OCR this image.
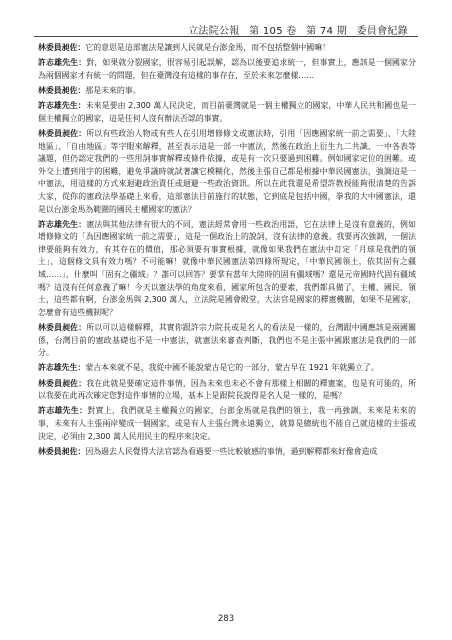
立法院公報 第 105 卷 第 74 期 委員會紀錄

林委員昶佐：它的意思是這部憲法是讓到人民就是台澎金馬，而不包括整個中國嘛！

許志雄先生：對，如果就分裂國家，很容易引起誤解，認為以後要追求統一，但事實上，應該是一個國家分為兩個國家才有統一的問題，但在臺灣沒有這樣的事存在，至於未來怎麼樣……

林委員昶佐：那是未來的事。

許志雄先生：未來是要由 2,300 萬人民決定，而目前臺灣就是一個主權獨立的國家，中華人民共和國也是一個主權獨立的國家，這是任何人沒有辦法否認的事實。

林委員昶佐：所以有些政治人物或有些人在引用增修條文或憲法時，引用「因應國家統一前之需要」、「大陸地區」、「自由地區」等字眼來解釋，甚至表示這是一部一中憲法，然後在政治上衍生九二共識、一中各表等議題，但仍認定我們的一些用詞事實解釋或條件依據，或是有一次只要過到困難。例如國家定位的困難。或外交上遭到用字的困難，避免爭議時就試著讓它模糊化，然後主張自己都是根據中華民國憲法，強調這是一中憲法，用這樣的方式來迴避政治責任或迴避一些政治資訊。所以在此我還是希望許教授能夠很清楚的告訴大家，從你的憲政法學基礎上來看，這部憲法目前施行的狀態，它到底是包括中國，拳我的大中國憲法，還是以台澎金馬為範圍的國民主權國家的憲法？

許志雄先生：憲法與其他法律有很大的不同，憲法經常會用一些政治用語，它在法律上是沒有意義的，例如增修條文的「為因應國家統一前之需要」，這是一個政治上的說詞，沒有法律的意義。我要再次強調，一個法律要能夠有效力，有其存在的價值，那必須要有事實根據，就像如果我們在憲法中訂定「月球是我們的領土」，這個條文具有效力嗎？不可能嘛！就像中華民國憲法第四條所規定，「中華民國領土，依其固有之疆域……」，什麼叫「固有之疆域」？誰可以回答？要掌有當年大陸時的固有疆域嗎？還是元帝國時代固有疆域嗎？這沒有任何意義了嘛！今天以憲法學的角度來看，國家所包含的要素，我們都具備了，主權、國民、領土，這些都有啊，台澎金馬與 2,300 萬人，立法院是國會殿堂，大法官是國家的釋憲機關，如果不是國家，怎麼會有這些機制呢？

林委員昶佐：所以可以這樣解釋，其實你跟許宗力院長或是名人的看法是一樣的，台灣跟中國應該是兩國關係，台灣目前的憲政基礎也不是一中憲法，就憲法來審查判斷，我們也不是主張中國跟憲法是我們的一部分。

許志雄先生：蒙古本來就不是，我從中國不能說蒙古是它的一部分，蒙古早在 1921 年就獨立了。

林委員昶佐：我在此就是要確定這件事情，因為未來也未必不會有那樣上相關的釋憲案，也是有可能的，所以我要在此再次確定您對這件事情的立場，基本上是跟院長說得是名人是一樣的，是嗎？

許志雄先生：對實上，我們就是主權獨立的國家，台澎金馬就是我們的領土，我一再強調，未來是未來的事，未來有人主張兩岸變成一個國家，或是有人主張台灣永遠獨立，就算是總統也不能自己就這樣的主張或決定，必須由 2,300 萬人民用民主的程序來決定。

林委員昶佐：因為過去人民覺得大法官認為看過要一些比較敏感的事情，過到解釋都來好像會造成

283
